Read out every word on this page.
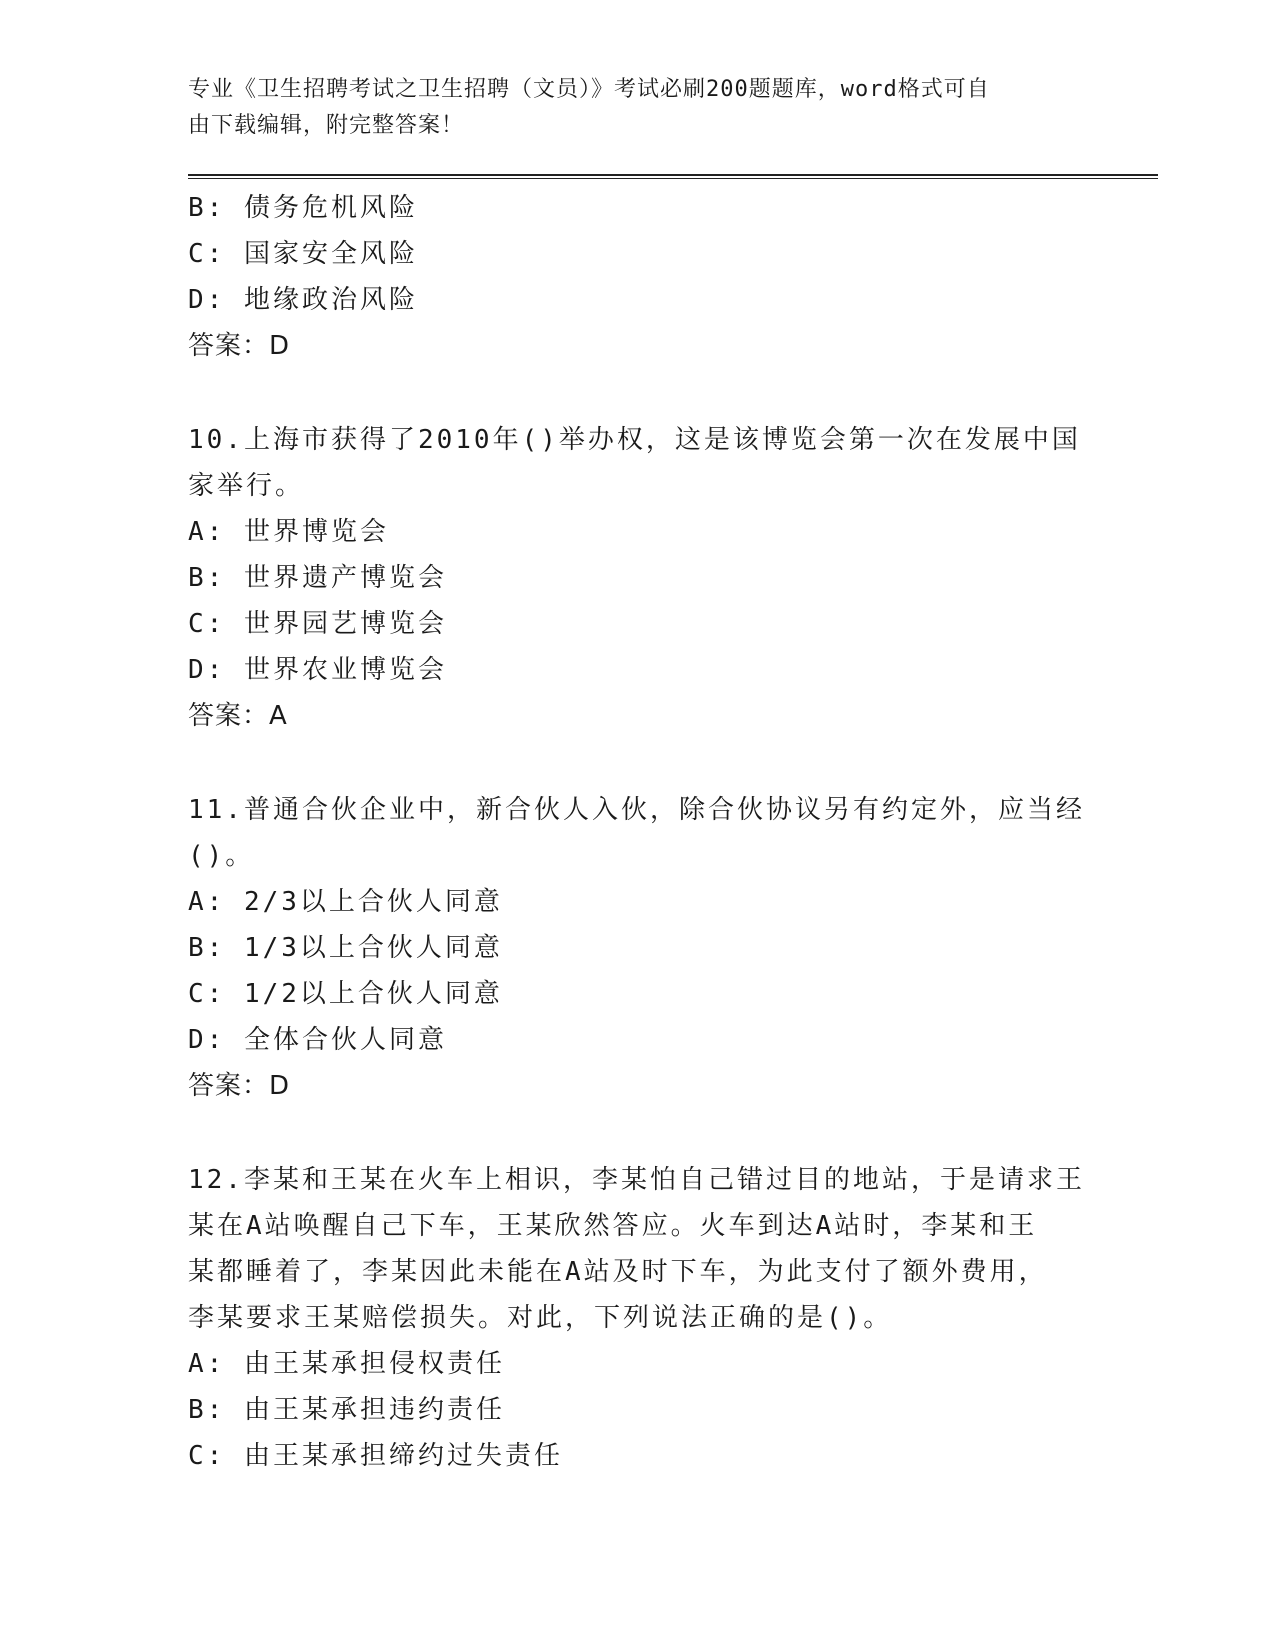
专业《卫生招聘考试之卫生招聘（文员）》考试必刷200题题库，word格式可自
由下载编辑，附完整答案！
B: 债务危机风险
C: 国家安全风险
D: 地缘政治风险
答案：D
10.上海市获得了2010年()举办权，这是该博览会第一次在发展中国
家举行。
A: 世界博览会
B: 世界遗产博览会
C: 世界园艺博览会
D: 世界农业博览会
答案：A
11.普通合伙企业中，新合伙人入伙，除合伙协议另有约定外，应当经
()。
A: 2/3以上合伙人同意
B: 1/3以上合伙人同意
C: 1/2以上合伙人同意
D: 全体合伙人同意
答案：D
12.李某和王某在火车上相识，李某怕自己错过目的地站，于是请求王
某在A站唤醒自己下车，王某欣然答应。火车到达A站时，李某和王
某都睡着了，李某因此未能在A站及时下车，为此支付了额外费用，
李某要求王某赔偿损失。对此，下列说法正确的是()。
A: 由王某承担侵权责任
B: 由王某承担违约责任
C: 由王某承担缔约过失责任
